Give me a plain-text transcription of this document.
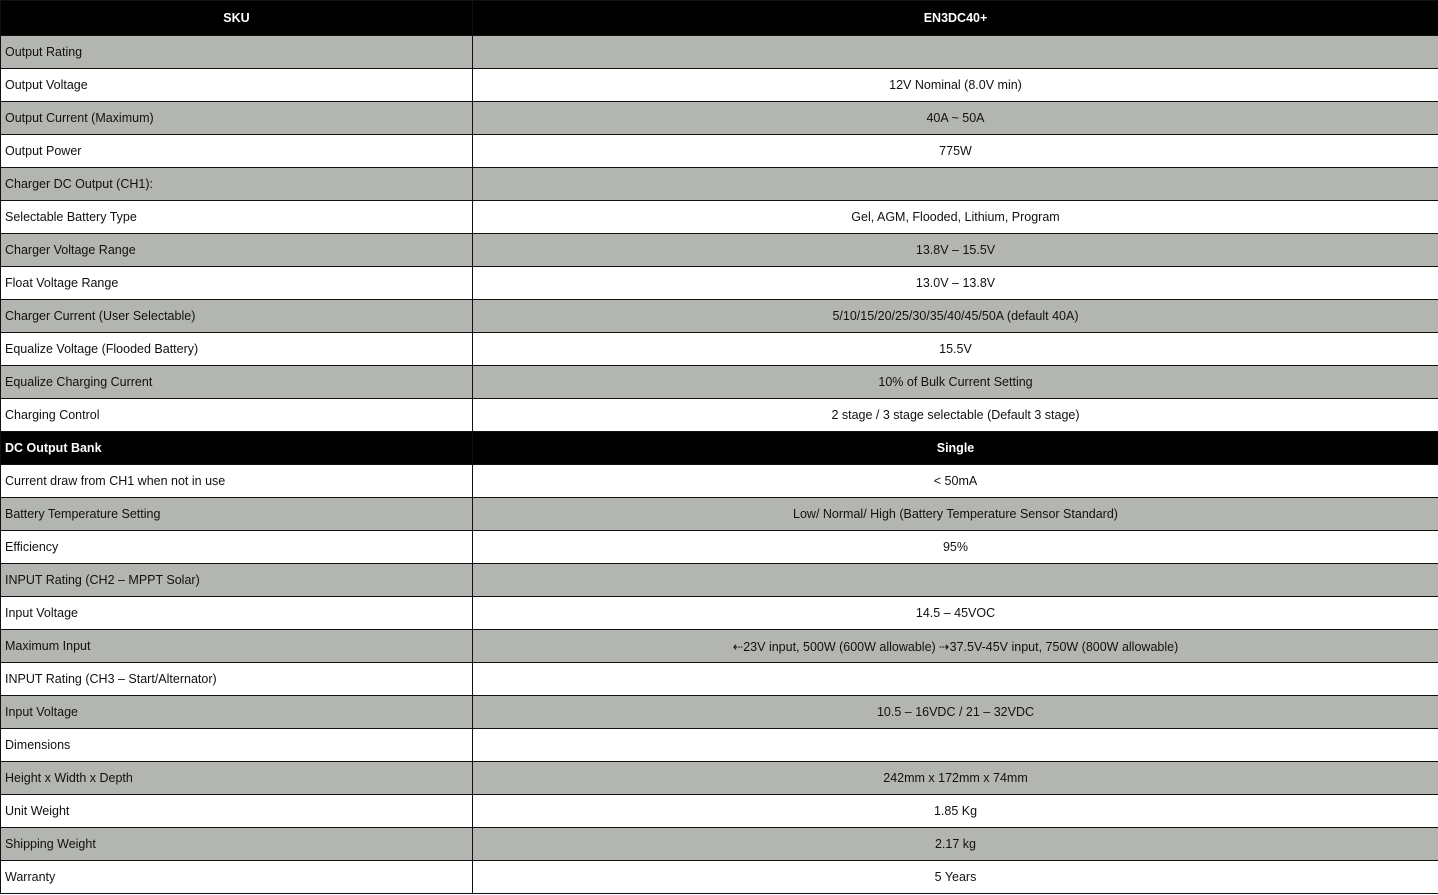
SKU	EN3DC40+
Output Rating	
Output Voltage	12V Nominal (8.0V min)
Output Current (Maximum)	40A ~ 50A
Output Power	775W
Charger DC Output (CH1):	
Selectable Battery Type	Gel, AGM, Flooded, Lithium, Program
Charger Voltage Range	13.8V – 15.5V
Float Voltage Range	13.0V – 13.8V
Charger Current (User Selectable)	5/10/15/20/25/30/35/40/45/50A (default 40A)
Equalize Voltage (Flooded Battery)	15.5V
Equalize Charging Current	10% of Bulk Current Setting
Charging Control	2 stage / 3 stage selectable (Default 3 stage)
DC Output Bank	Single
Current draw from CH1 when not in use	< 50mA
Battery Temperature Setting	Low/ Normal/ High (Battery Temperature Sensor Standard)
Efficiency	95%
INPUT Rating (CH2 – MPPT Solar)	
Input Voltage	14.5 – 45VOC
Maximum Input	⇠23V input, 500W (600W allowable) ⇢37.5V-45V input, 750W (800W allowable)
INPUT Rating (CH3 – Start/Alternator)	
Input Voltage	10.5 – 16VDC / 21 – 32VDC
Dimensions	
Height x Width x Depth	242mm x 172mm x 74mm
Unit Weight	1.85 Kg
Shipping Weight	2.17 kg
Warranty	5 Years
